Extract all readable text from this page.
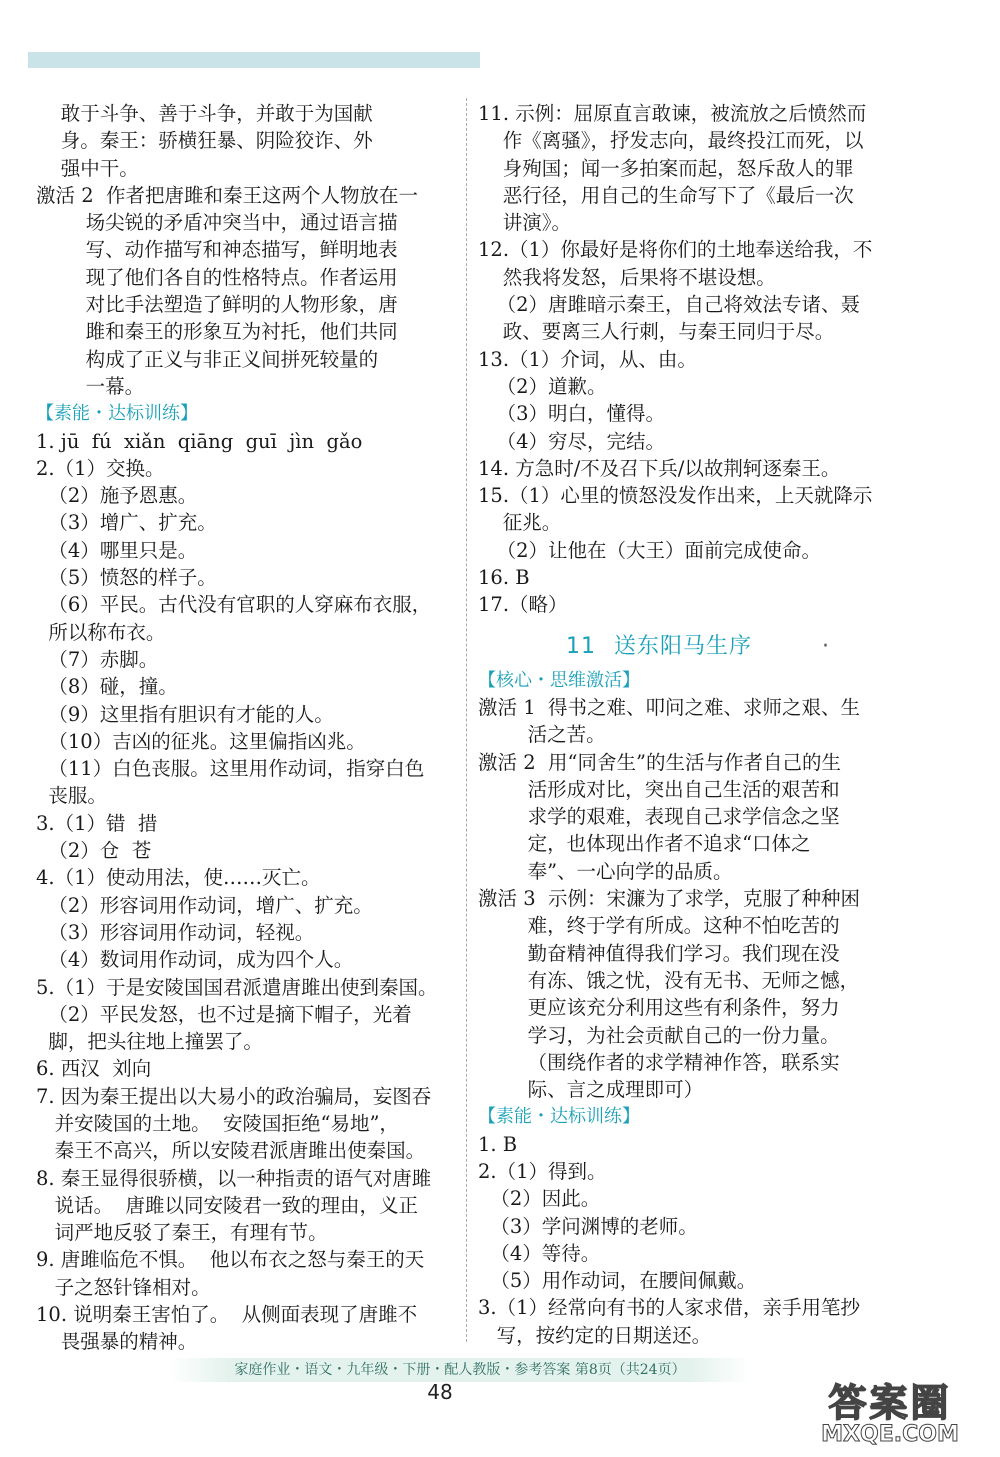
敢于斗争、善于斗争，并敢于为国献
身。秦王：骄横狂暴、阴险狡诈、外
强中干。
激活 2  作者把唐雎和秦王这两个人物放在一
场尖锐的矛盾冲突当中，通过语言描
写、动作描写和神态描写，鲜明地表
现了他们各自的性格特点。作者运用
对比手法塑造了鲜明的人物形象，唐
雎和秦王的形象互为衬托，他们共同
构成了正义与非正义间拼死较量的
一幕。
【素能・达标训练】
1. jū  fú  xiǎn  qiāng  guī  jìn  gǎo
2.（1）交换。
（2）施予恩惠。
（3）增广、扩充。
（4）哪里只是。
（5）愤怒的样子。
（6）平民。古代没有官职的人穿麻布衣服，
所以称布衣。
（7）赤脚。
（8）碰，撞。
（9）这里指有胆识有才能的人。
（10）吉凶的征兆。这里偏指凶兆。
（11）白色丧服。这里用作动词，指穿白色
丧服。
3.（1）错  措
（2）仓  苍
4.（1）使动用法，使……灭亡。
（2）形容词用作动词，增广、扩充。
（3）形容词用作动词，轻视。
（4）数词用作动词，成为四个人。
5.（1）于是安陵国国君派遣唐雎出使到秦国。
（2）平民发怒，也不过是摘下帽子，光着
脚，把头往地上撞罢了。
6. 西汉  刘向
7. 因为秦王提出以大易小的政治骗局，妄图吞
并安陵国的土地。  安陵国拒绝“易地”，
秦王不高兴，所以安陵君派唐雎出使秦国。
8. 秦王显得很骄横，以一种指责的语气对唐雎
说话。  唐雎以同安陵君一致的理由，义正
词严地反驳了秦王，有理有节。
9. 唐雎临危不惧。  他以布衣之怒与秦王的天
子之怒针锋相对。
10. 说明秦王害怕了。  从侧面表现了唐雎不
畏强暴的精神。
11. 示例：屈原直言敢谏，被流放之后愤然而
作《离骚》，抒发志向，最终投江而死，以
身殉国；闻一多拍案而起，怒斥敌人的罪
恶行径，用自己的生命写下了《最后一次
讲演》。
12.（1）你最好是将你们的土地奉送给我，不
然我将发怒，后果将不堪设想。
（2）唐雎暗示秦王，自己将效法专诸、聂
政、要离三人行刺，与秦王同归于尽。
13.（1）介词，从、由。
（2）道歉。
（3）明白，懂得。
（4）穷尽，完结。
14. 方急时/不及召下兵/以故荆轲逐秦王。
15.（1）心里的愤怒没发作出来，上天就降示
征兆。
（2）让他在（大王）面前完成使命。
16. B
17.（略）
11 送东阳马生序	·
【核心・思维激活】
激活 1  得书之难、叩问之难、求师之艰、生
活之苦。
激活 2  用“同舍生”的生活与作者自己的生
活形成对比，突出自己生活的艰苦和
求学的艰难，表现自己求学信念之坚
定，也体现出作者不追求“口体之
奉”、一心向学的品质。
激活 3  示例：宋濂为了求学，克服了种种困
难，终于学有所成。这种不怕吃苦的
勤奋精神值得我们学习。我们现在没
有冻、饿之忧，没有无书、无师之憾，
更应该充分利用这些有利条件，努力
学习，为社会贡献自己的一份力量。
（围绕作者的求学精神作答，联系实
际、言之成理即可）
【素能・达标训练】
1. B
2.（1）得到。
（2）因此。
（3）学问渊博的老师。
（4）等待。
（5）用作动词，在腰间佩戴。
3.（1）经常向有书的人家求借，亲手用笔抄
写，按约定的日期送还。
家庭作业・语文・九年级・下册・配人教版・参考答案 第8页（共24页）
48	答案圈
MXQE.COM
